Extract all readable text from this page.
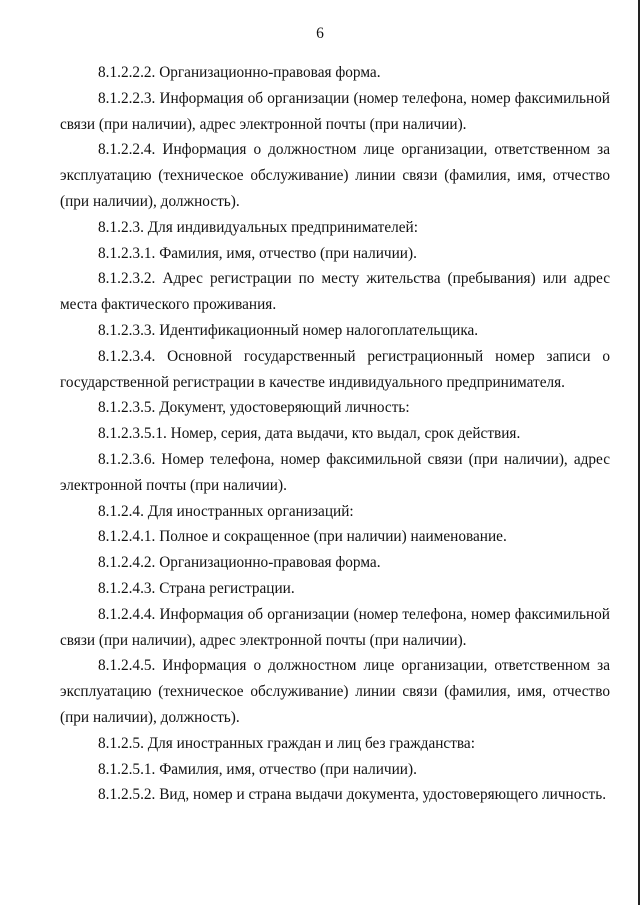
6

8.1.2.2.2. Организационно-правовая форма.

8.1.2.2.3. Информация об организации (номер телефона, номер факсимильной связи (при наличии), адрес электронной почты (при наличии).

8.1.2.2.4. Информация о должностном лице организации, ответственном за эксплуатацию (техническое обслуживание) линии связи (фамилия, имя, отчество (при наличии), должность).

8.1.2.3. Для индивидуальных предпринимателей:

8.1.2.3.1. Фамилия, имя, отчество (при наличии).

8.1.2.3.2. Адрес регистрации по месту жительства (пребывания) или адрес места фактического проживания.

8.1.2.3.3. Идентификационный номер налогоплательщика.

8.1.2.3.4. Основной государственный регистрационный номер записи о государственной регистрации в качестве индивидуального предпринимателя.

8.1.2.3.5. Документ, удостоверяющий личность:

8.1.2.3.5.1. Номер, серия, дата выдачи, кто выдал, срок действия.

8.1.2.3.6. Номер телефона, номер факсимильной связи (при наличии), адрес электронной почты (при наличии).

8.1.2.4. Для иностранных организаций:

8.1.2.4.1. Полное и сокращенное (при наличии) наименование.

8.1.2.4.2. Организационно-правовая форма.

8.1.2.4.3. Страна регистрации.

8.1.2.4.4. Информация об организации (номер телефона, номер факсимильной связи (при наличии), адрес электронной почты (при наличии).

8.1.2.4.5. Информация о должностном лице организации, ответственном за эксплуатацию (техническое обслуживание) линии связи (фамилия, имя, отчество (при наличии), должность).

8.1.2.5. Для иностранных граждан и лиц без гражданства:

8.1.2.5.1. Фамилия, имя, отчество (при наличии).

8.1.2.5.2. Вид, номер и страна выдачи документа, удостоверяющего личность.
